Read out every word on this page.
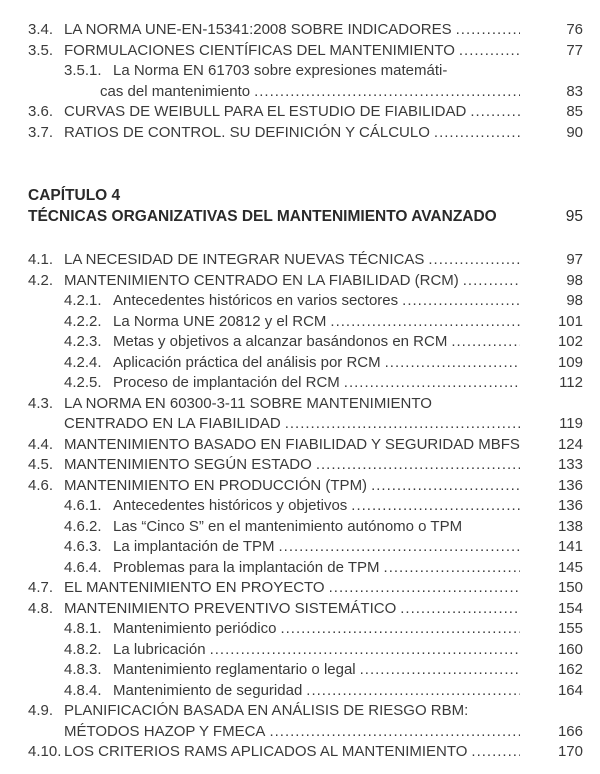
3.4. LA NORMA UNE-EN-15341:2008 SOBRE INDICADORES .....	76
3.5. FORMULACIONES CIENTÍFICAS DEL MANTENIMIENTO .....	77
3.5.1. La Norma EN 61703 sobre expresiones matemáti-
cas del mantenimiento .....	83
3.6. CURVAS DE WEIBULL PARA EL ESTUDIO DE FIABILIDAD .....	85
3.7. RATIOS DE CONTROL. SU DEFINICIÓN Y CÁLCULO .....	90
CAPÍTULO 4
TÉCNICAS ORGANIZATIVAS DEL MANTENIMIENTO AVANZADO	95
4.1. LA NECESIDAD DE INTEGRAR NUEVAS TÉCNICAS .....	97
4.2. MANTENIMIENTO CENTRADO EN LA FIABILIDAD (RCM) .....	98
4.2.1. Antecedentes históricos en varios sectores .....	98
4.2.2. La Norma UNE 20812 y el RCM .....	101
4.2.3. Metas y objetivos a alcanzar basándonos en RCM .....	102
4.2.4. Aplicación práctica del análisis por RCM .....	109
4.2.5. Proceso de implantación del RCM .....	112
4.3. LA NORMA EN 60300-3-11 SOBRE MANTENIMIENTO
CENTRADO EN LA FIABILIDAD .....	119
4.4. MANTENIMIENTO BASADO EN FIABILIDAD Y SEGURIDAD MBFS	124
4.5. MANTENIMIENTO SEGÚN ESTADO .....	133
4.6. MANTENIMIENTO EN PRODUCCIÓN (TPM) .....	136
4.6.1. Antecedentes históricos y objetivos .....	136
4.6.2. Las “Cinco S” en el mantenimiento autónomo o TPM	138
4.6.3. La implantación de TPM .....	141
4.6.4. Problemas para la implantación de TPM .....	145
4.7. EL MANTENIMIENTO EN PROYECTO .....	150
4.8. MANTENIMIENTO PREVENTIVO SISTEMÁTICO .....	154
4.8.1. Mantenimiento periódico .....	155
4.8.2. La lubricación .....	160
4.8.3. Mantenimiento reglamentario o legal .....	162
4.8.4. Mantenimiento de seguridad .....	164
4.9. PLANIFICACIÓN BASADA EN ANÁLISIS DE RIESGO RBM:
MÉTODOS HAZOP Y FMECA .....	166
4.10. LOS CRITERIOS RAMS APLICADOS AL MANTENIMIENTO .....	170
